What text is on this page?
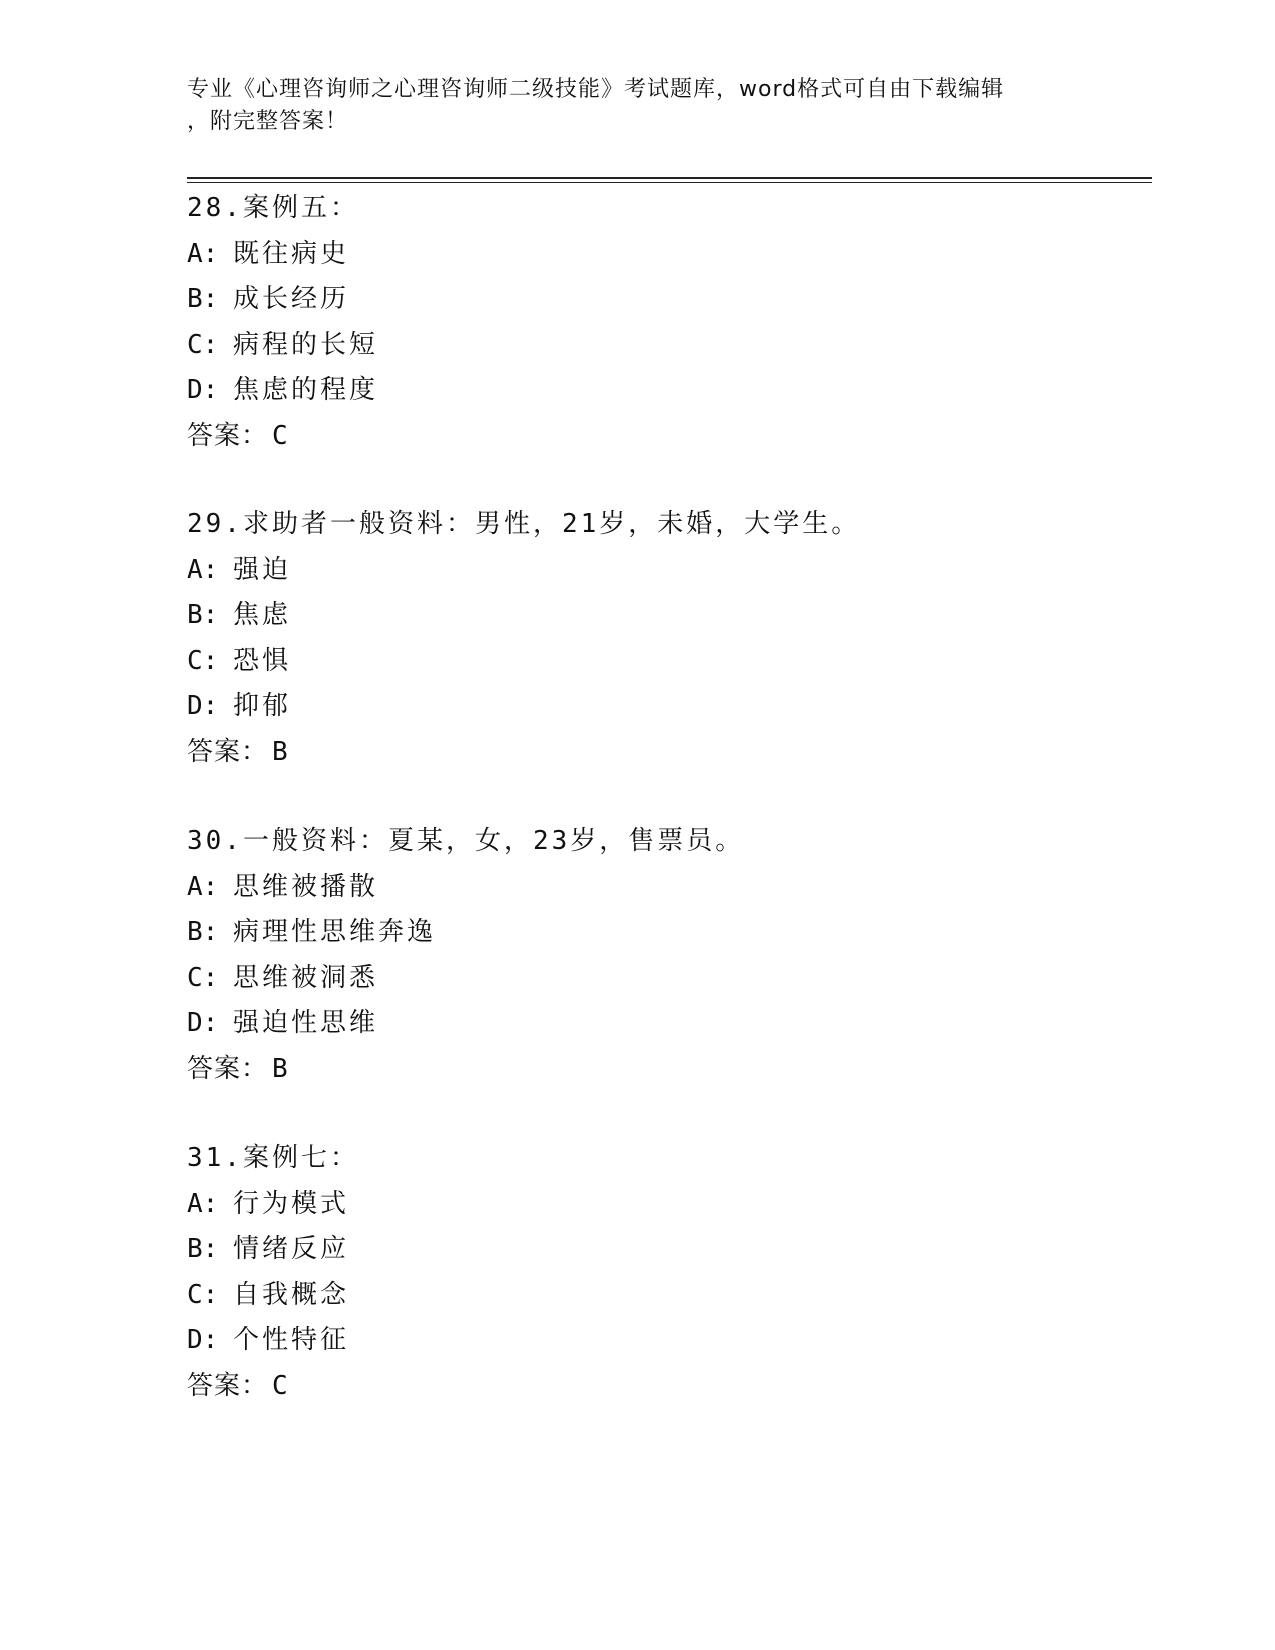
专业《心理咨询师之心理咨询师二级技能》考试题库，word格式可自由下载编辑
，附完整答案！
28.案例五：
A: 既往病史
B: 成长经历
C: 病程的长短
D: 焦虑的程度
答案： C
29.求助者一般资料：男性，21岁，未婚，大学生。
A: 强迫
B: 焦虑
C: 恐惧
D: 抑郁
答案： B
30.一般资料：夏某，女，23岁，售票员。
A: 思维被播散
B: 病理性思维奔逸
C: 思维被洞悉
D: 强迫性思维
答案： B
31.案例七：
A: 行为模式
B: 情绪反应
C: 自我概念
D: 个性特征
答案： C
